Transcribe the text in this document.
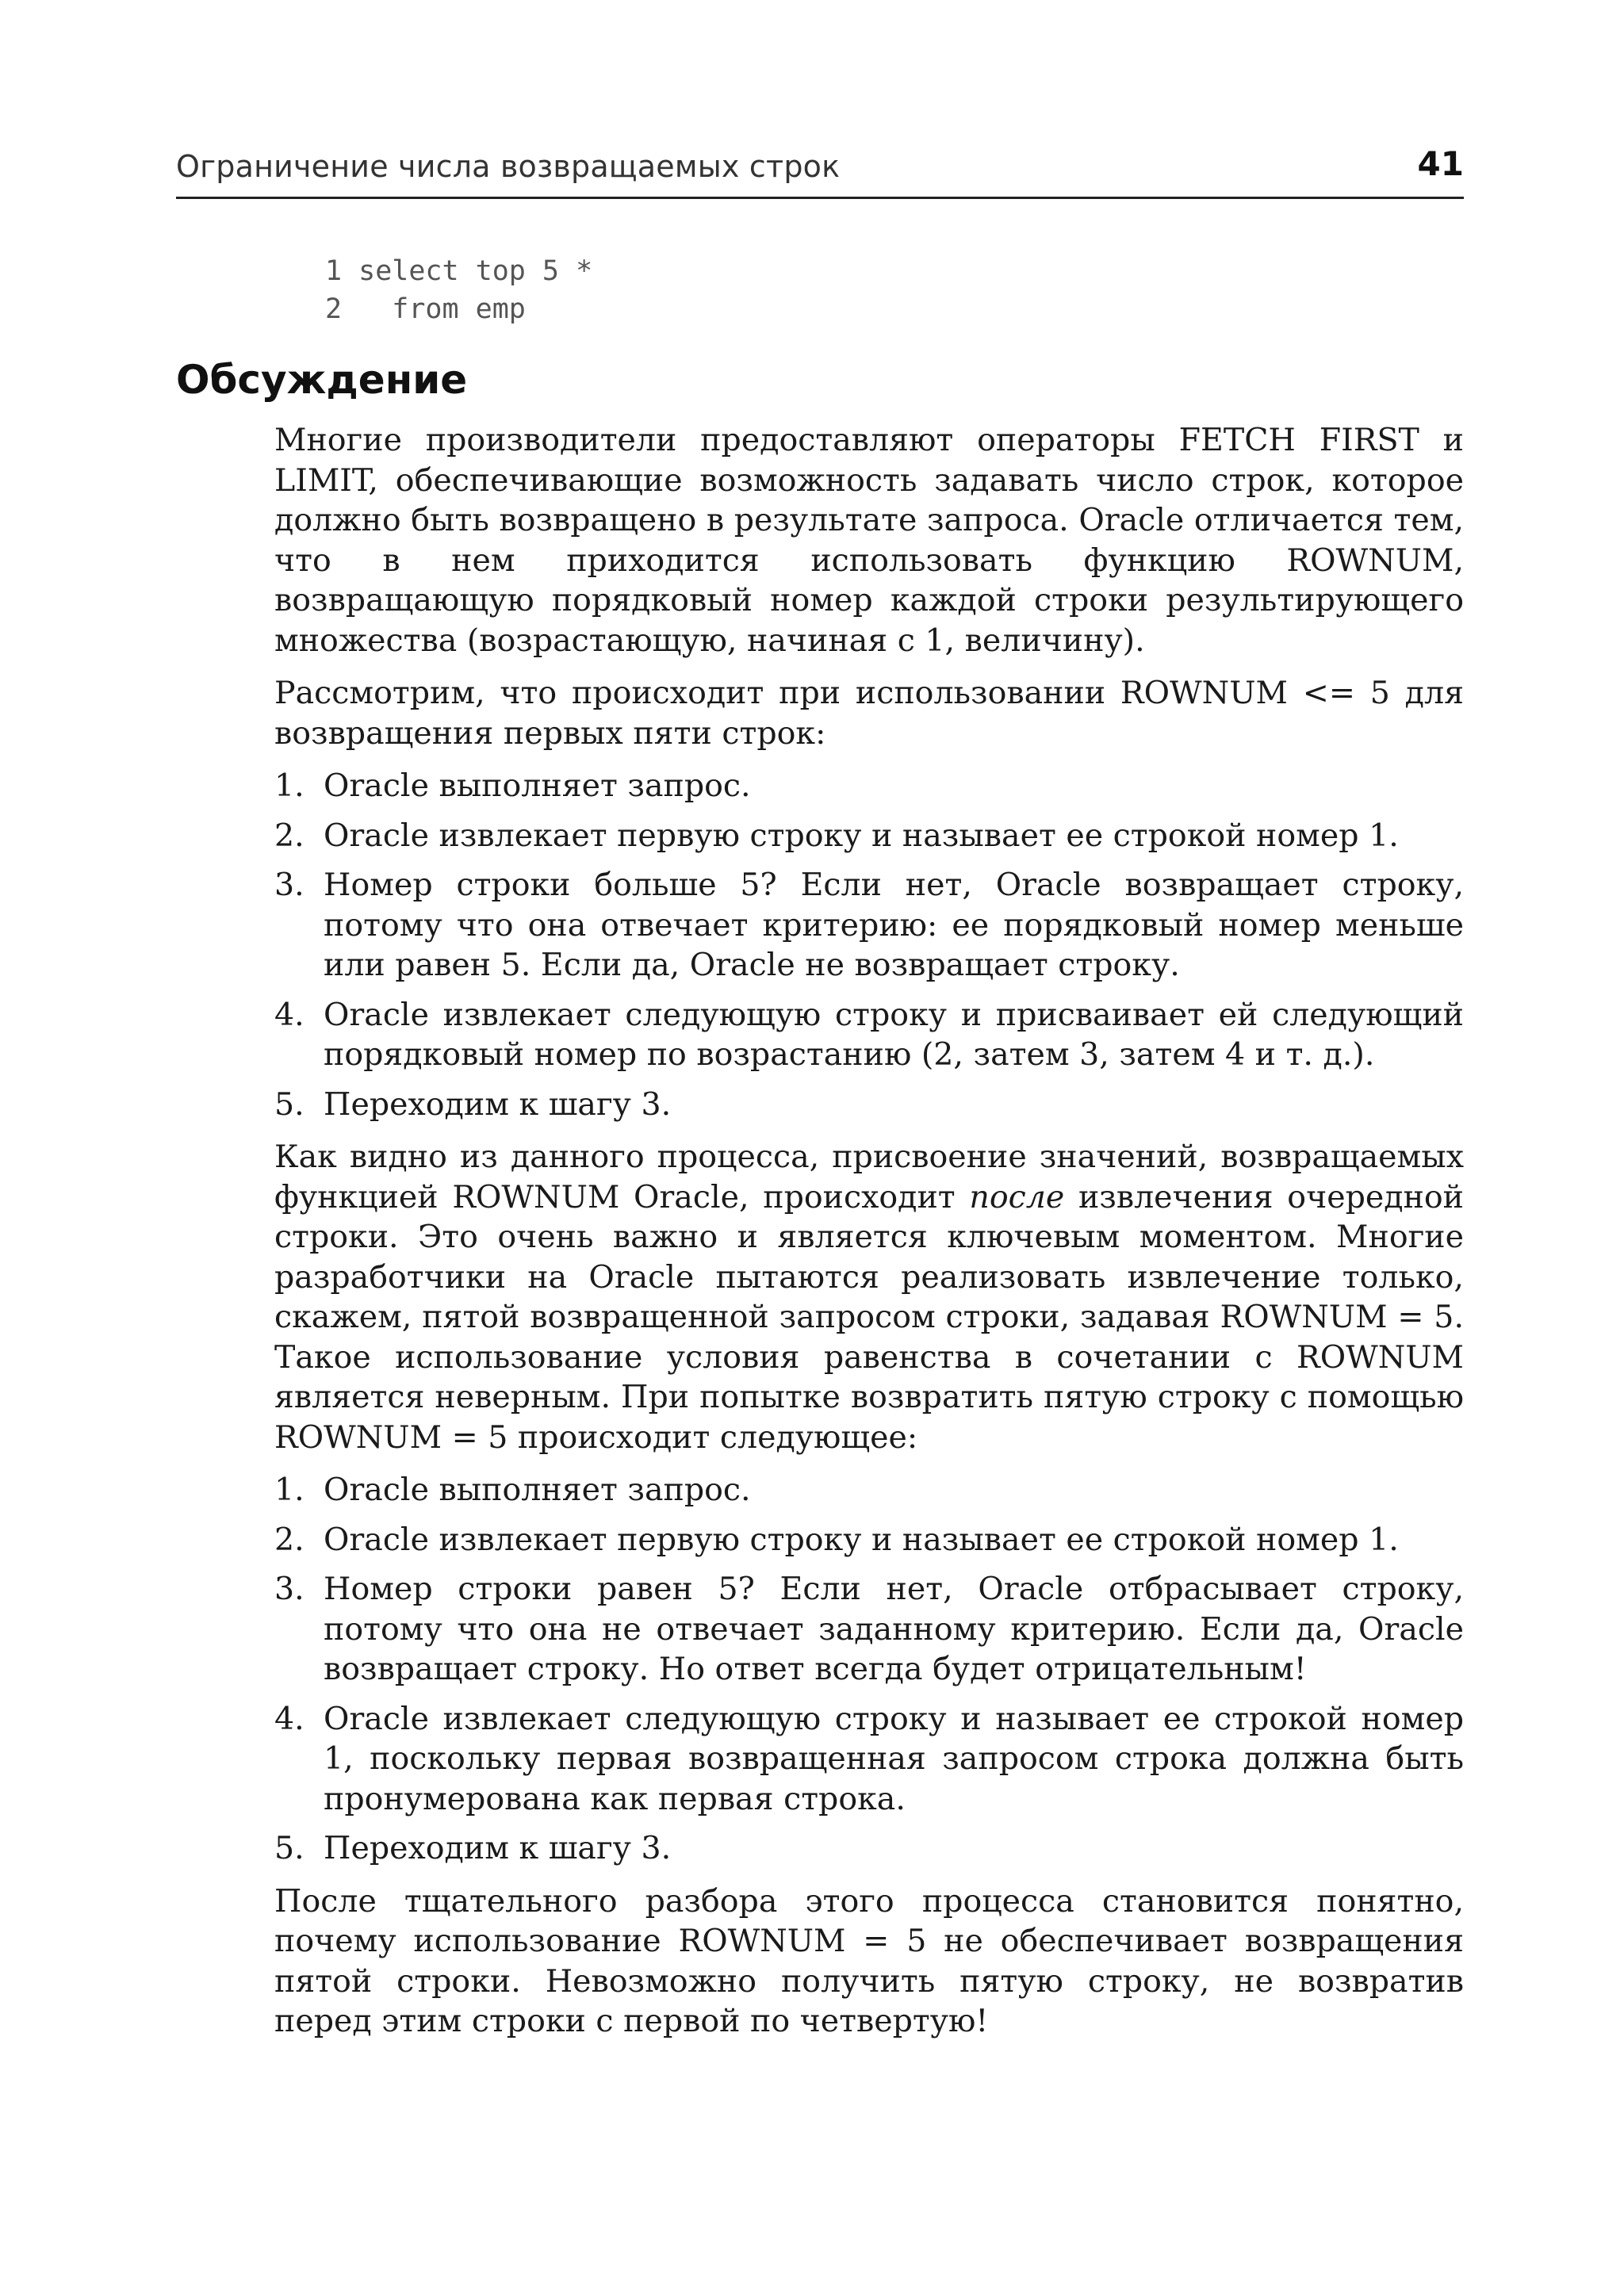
Ограничение числа возвращаемых строк	41
1 select top 5 *
2   from emp
Обсуждение

Многие производители предоставляют операторы FETCH FIRST и LIMIT, обеспечивающие возможность задавать число строк, которое должно быть возвращено в результате запроса. Oracle отличается тем, что в нем приходится использовать функцию ROWNUM, возвращающую порядковый номер каждой строки результирующего множества (возрастающую, начиная с 1, величину).

Рассмотрим, что происходит при использовании ROWNUM <= 5 для возвращения первых пяти строк:

1. Oracle выполняет запрос.
2. Oracle извлекает первую строку и называет ее строкой номер 1.
3. Номер строки больше 5? Если нет, Oracle возвращает строку, потому что она отвечает критерию: ее порядковый номер меньше или равен 5. Если да, Oracle не возвращает строку.
4. Oracle извлекает следующую строку и присваивает ей следующий порядковый номер по возрастанию (2, затем 3, затем 4 и т. д.).
5. Переходим к шагу 3.

Как видно из данного процесса, присвоение значений, возвращаемых функцией ROWNUM Oracle, происходит после извлечения очередной строки. Это очень важно и является ключевым моментом. Многие разработчики на Oracle пытаются реализовать извлечение только, скажем, пятой возвращенной запросом строки, задавая ROWNUM = 5. Такое использование условия равенства в сочетании с ROWNUM является неверным. При попытке возвратить пятую строку с помощью ROWNUM = 5 происходит следующее:

1. Oracle выполняет запрос.
2. Oracle извлекает первую строку и называет ее строкой номер 1.
3. Номер строки равен 5? Если нет, Oracle отбрасывает строку, потому что она не отвечает заданному критерию. Если да, Oracle возвращает строку. Но ответ всегда будет отрицательным!
4. Oracle извлекает следующую строку и называет ее строкой номер 1, поскольку первая возвращенная запросом строка должна быть пронумерована как первая строка.
5. Переходим к шагу 3.

После тщательного разбора этого процесса становится понятно, почему использование ROWNUM = 5 не обеспечивает возвращения пятой строки. Невозможно получить пятую строку, не возвратив перед этим строки с первой по четвертую!
